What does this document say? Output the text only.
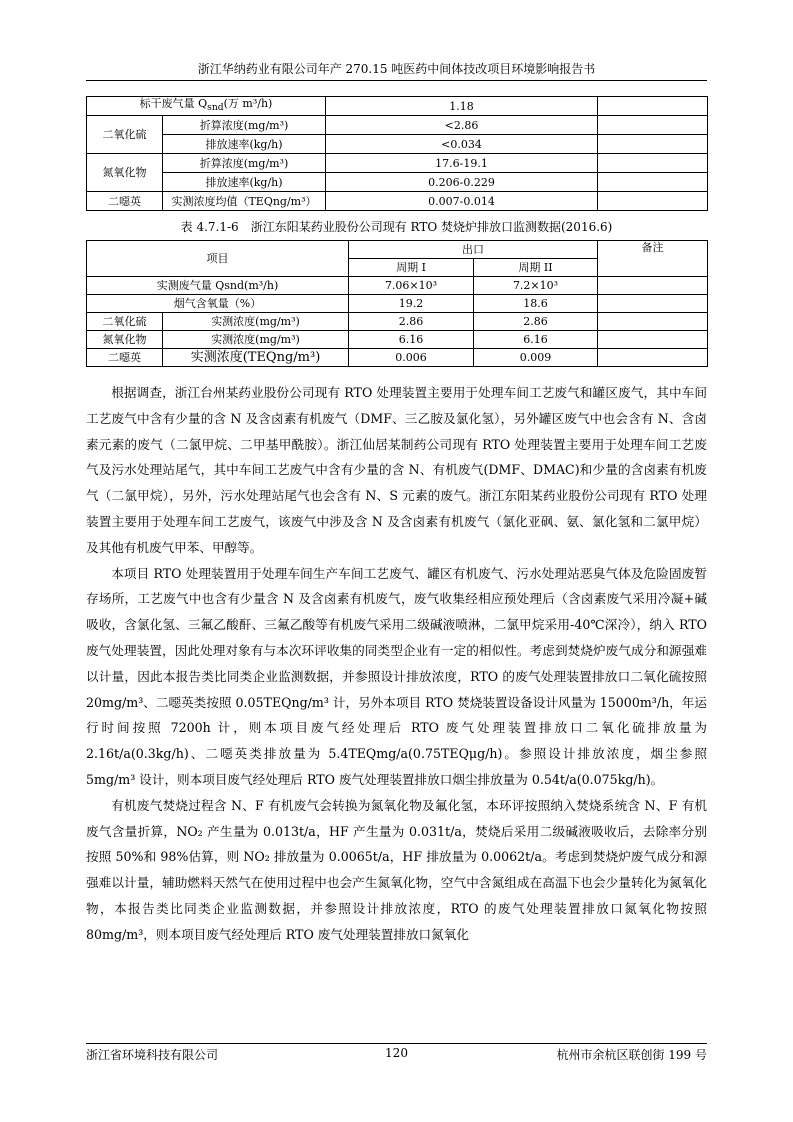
浙江华纳药业有限公司年产 270.15 吨医药中间体技改项目环境影响报告书
标干废气量 $Q_{snd}$(万 m³/h)		1.18	
二氧化硫	折算浓度(mg/m³)	<2.86	
	排放速率(kg/h)	<0.034	
氮氧化物	折算浓度(mg/m³)	17.6-19.1	
	排放速率(kg/h)	0.206-0.229	
二噁英	实测浓度均值（TEQng/m³）	0.007-0.014	
表 4.7.1-6　浙江东阳某药业股份公司现有 RTO 焚烧炉排放口监测数据(2016.6)
项目		出口		备注
		周期 I	周期 II	
实测废气量 Qsnd(m³/h)		7.06×10³	7.2×10³	
烟气含氧量（%）		19.2	18.6	
二氧化硫	实测浓度(mg/m³)	2.86	2.86	
氮氧化物	实测浓度(mg/m³)	6.16	6.16	
二噁英	实测浓度(TEQng/m³)	0.006	0.009	

根据调查，浙江台州某药业股份公司现有 RTO 处理装置主要用于处理车间工艺废气和罐区废气，其中车间工艺废气中含有少量的含 N 及含卤素有机废气（DMF、三乙胺及氯化氢），另外罐区废气中也会含有 N、含卤素元素的废气（二氯甲烷、二甲基甲酰胺）。浙江仙居某制药公司现有 RTO 处理装置主要用于处理车间工艺废气及污水处理站尾气，其中车间工艺废气中含有少量的含 N、有机废气(DMF、DMAC)和少量的含卤素有机废气（二氯甲烷），另外，污水处理站尾气也会含有 N、S 元素的废气。浙江东阳某药业股份公司现有 RTO 处理装置主要用于处理车间工艺废气，该废气中涉及含 N 及含卤素有机废气（氯化亚砜、氨、氯化氢和二氯甲烷）及其他有机废气甲苯、甲醇等。

本项目 RTO 处理装置用于处理车间生产车间工艺废气、罐区有机废气、污水处理站恶臭气体及危险固废暂存场所，工艺废气中也含有少量含 N 及含卤素有机废气，废气收集经相应预处理后（含卤素废气采用冷凝+碱吸收，含氯化氢、三氟乙酸酐、三氟乙酸等有机废气采用二级碱液喷淋，二氯甲烷采用-40℃深冷），纳入 RTO 废气处理装置，因此处理对象有与本次环评收集的同类型企业有一定的相似性。考虑到焚烧炉废气成分和源强难以计量，因此本报告类比同类企业监测数据，并参照设计排放浓度，RTO 的废气处理装置排放口二氧化硫按照 20mg/m³、二噁英类按照 0.05TEQng/m³ 计，另外本项目 RTO 焚烧装置设备设计风量为 15000m³/h，年运行时间按照 7200h 计，则本项目废气经处理后 RTO 废气处理装置排放口二氧化硫排放量为 2.16t/a(0.3kg/h)、二噁英类排放量为 5.4TEQmg/a(0.75TEQμg/h)。参照设计排放浓度，烟尘参照 5mg/m³ 设计，则本项目废气经处理后 RTO 废气处理装置排放口烟尘排放量为 0.54t/a(0.075kg/h)。

有机废气焚烧过程含 N、F 有机废气会转换为氮氧化物及氟化氢，本环评按照纳入焚烧系统含 N、F 有机废气含量折算，NO₂ 产生量为 0.013t/a，HF 产生量为 0.031t/a，焚烧后采用二级碱液吸收后，去除率分别按照 50%和 98%估算，则 NO₂ 排放量为 0.0065t/a，HF 排放量为 0.0062t/a。考虑到焚烧炉废气成分和源强难以计量，辅助燃料天然气在使用过程中也会产生氮氧化物，空气中含氮组成在高温下也会少量转化为氮氧化物，本报告类比同类企业监测数据，并参照设计排放浓度，RTO 的废气处理装置排放口氮氧化物按照 80mg/m³，则本项目废气经处理后 RTO 废气处理装置排放口氮氧化

浙江省环境科技有限公司	120	杭州市余杭区联创街 199 号
